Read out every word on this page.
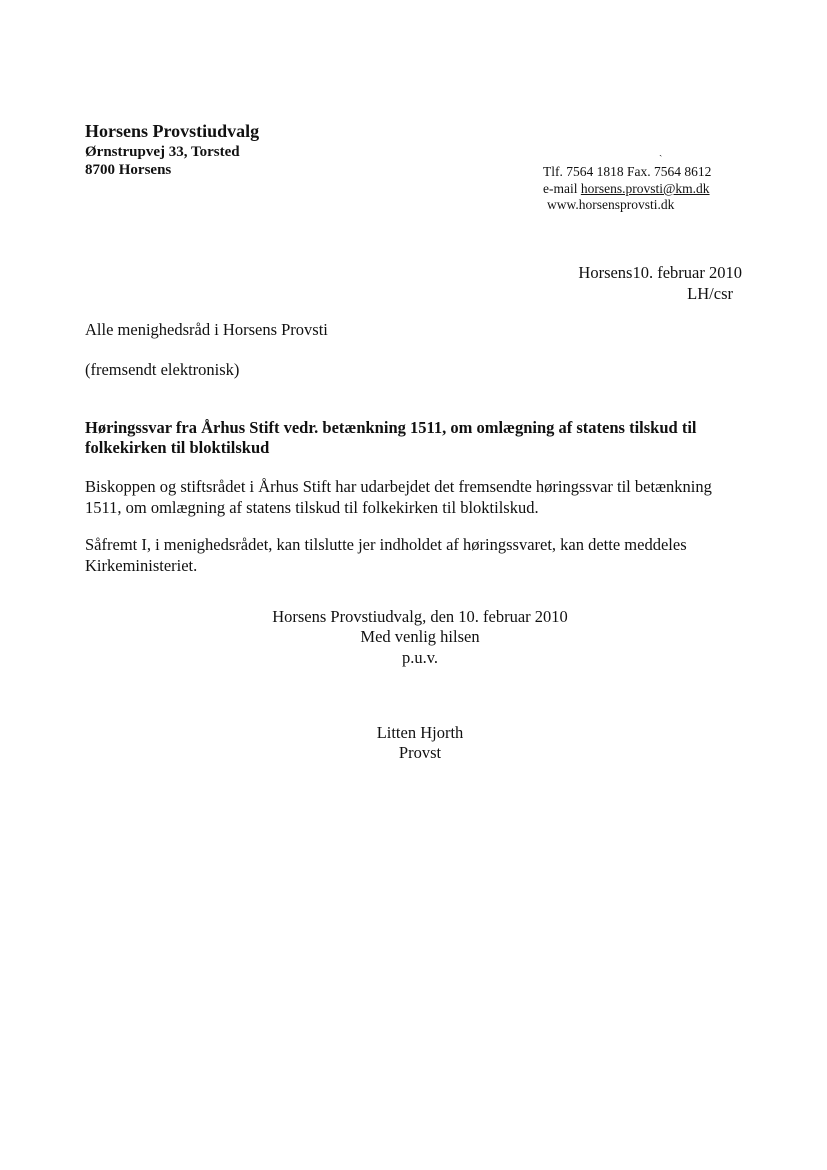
Horsens Provstiudvalg
Ørnstrupvej 33, Torsted
8700 Horsens
ˏ
Tlf. 7564 1818 Fax. 7564 8612
e-mail horsens.provsti@km.dk
www.horsensprovsti.dk
Horsens10. februar 2010
LH/csr
Alle menighedsråd i Horsens Provsti
(fremsendt elektronisk)
Høringssvar fra Århus Stift vedr. betænkning 1511, om omlægning af statens tilskud til folkekirken til bloktilskud
Biskoppen og stiftsrådet i Århus Stift har udarbejdet det fremsendte høringssvar til betænkning 1511, om omlægning af statens tilskud til folkekirken til bloktilskud.
Såfremt I, i menighedsrådet, kan tilslutte jer indholdet af høringssvaret, kan dette meddeles Kirkeministeriet.
Horsens Provstiudvalg, den 10. februar 2010
Med venlig hilsen
p.u.v.
Litten Hjorth
Provst
